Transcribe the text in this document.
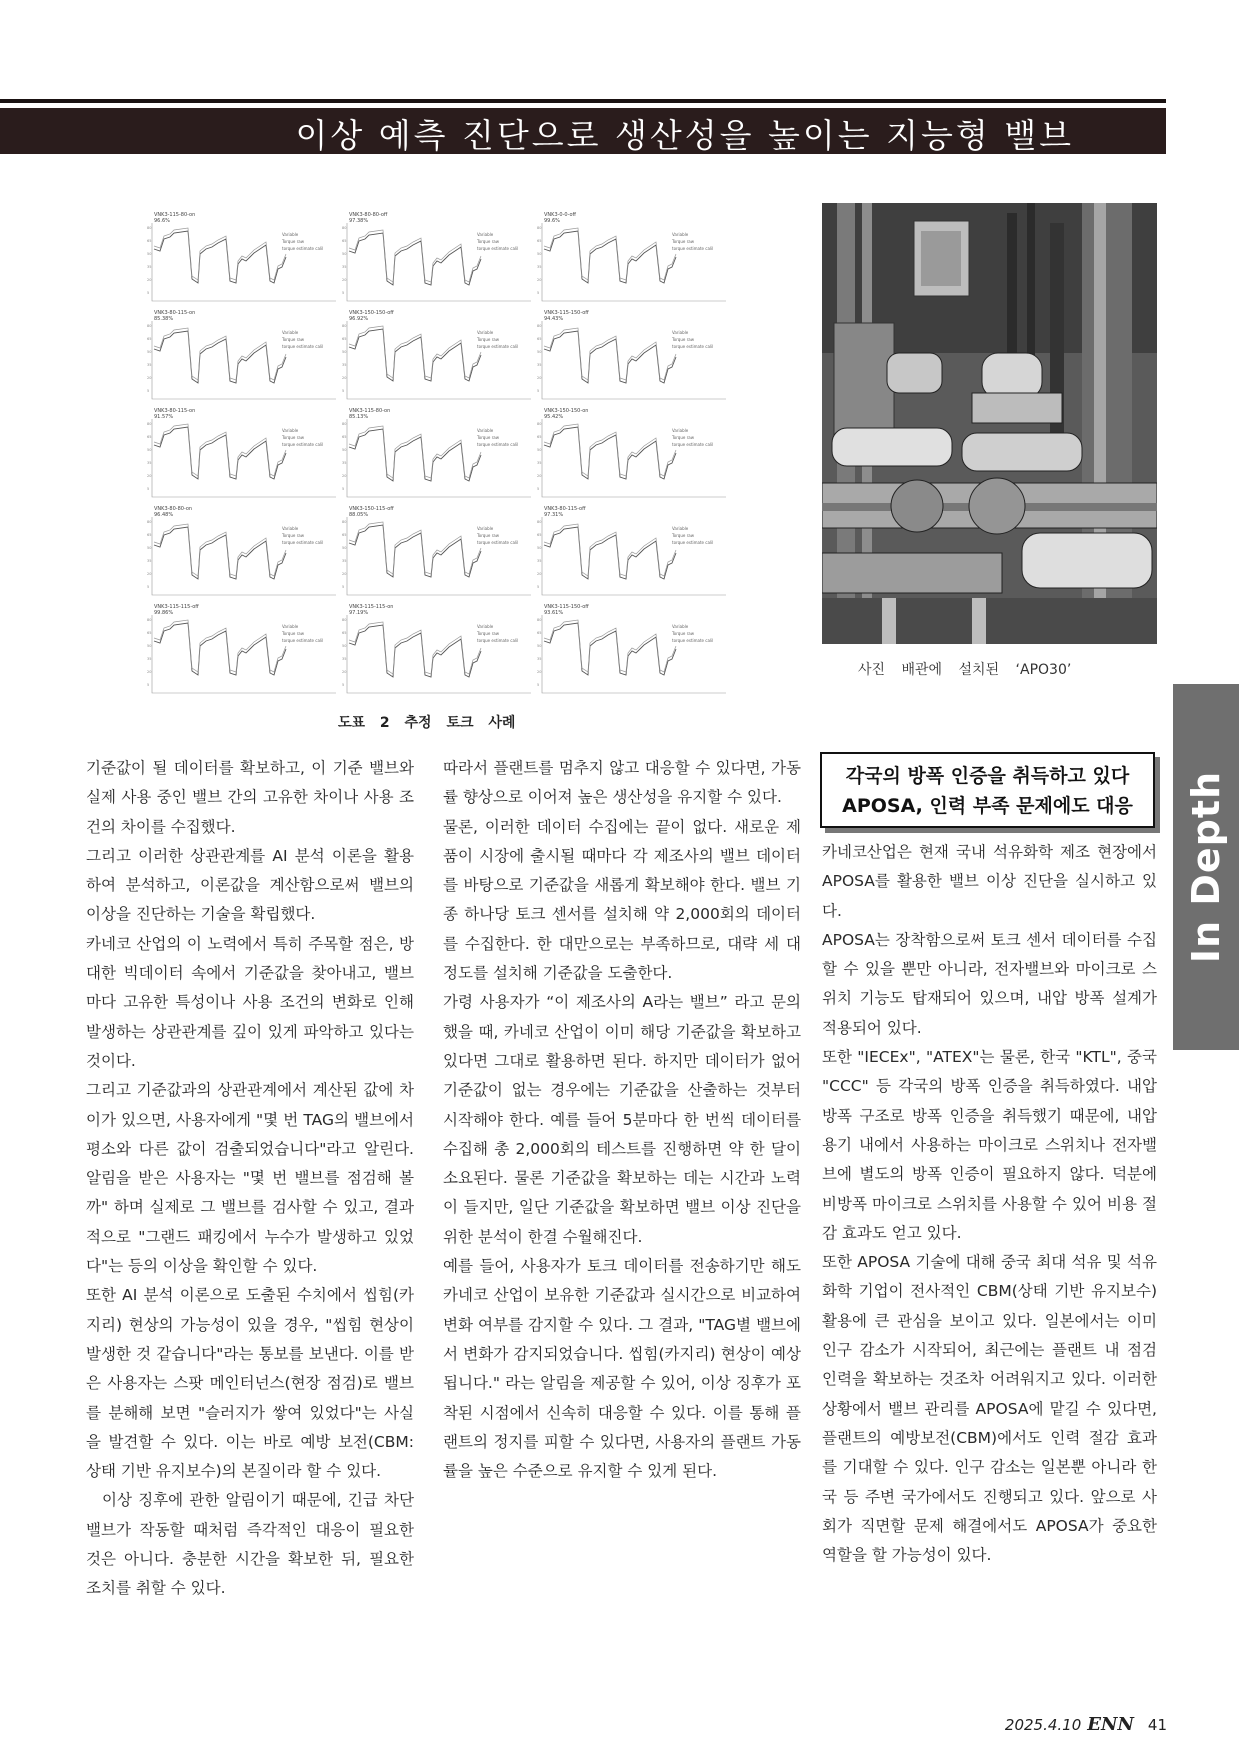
이상 예측 진단으로 생산성을 높이는 지능형 밸브
80
65
50
35
20
5
VNK3-115-80-on
96.6%
Variable
Torque raw
torque estimate calil
80
65
50
35
20
5
VNK3-80-80-off
97.38%
Variable
Torque raw
torque estimate calil
80
65
50
35
20
5
VNK3-0-0-off
99.6%
Variable
Torque raw
torque estimate calil
80
65
50
35
20
5
VNK3-80-115-on
85.38%
Variable
Torque raw
torque estimate calil
80
65
50
35
20
5
VNK3-150-150-off
96.92%
Variable
Torque raw
torque estimate calil
80
65
50
35
20
5
VNK3-115-150-off
94.43%
Variable
Torque raw
torque estimate calil
80
65
50
35
20
5
VNK3-80-115-on
91.57%
Variable
Torque raw
torque estimate calil
80
65
50
35
20
5
VNK3-115-80-on
85.13%
Variable
Torque raw
torque estimate calil
80
65
50
35
20
5
VNK3-150-150-on
95.42%
Variable
Torque raw
torque estimate calil
80
65
50
35
20
5
VNK3-80-80-on
96.48%
Variable
Torque raw
torque estimate calil
80
65
50
35
20
5
VNK3-150-115-off
88.05%
Variable
Torque raw
torque estimate calil
80
65
50
35
20
5
VNK3-80-115-off
97.31%
Variable
Torque raw
torque estimate calil
80
65
50
35
20
5
VNK3-115-115-off
99.86%
Variable
Torque raw
torque estimate calil
80
65
50
35
20
5
VNK3-115-115-on
97.19%
Variable
Torque raw
torque estimate calil
80
65
50
35
20
5
VNK3-115-150-off
93.61%
Variable
Torque raw
torque estimate calil
도표 2 추정 토크 사례
사진 배관에 설치된 ‘APO30’

기준값이 될 데이터를 확보하고, 이 기준 밸브와 실제 사용 중인 밸브 간의 고유한 차이나 사용 조건의 차이를 수집했다.

그리고 이러한 상관관계를 AI 분석 이론을 활용하여 분석하고, 이론값을 계산함으로써 밸브의 이상을 진단하는 기술을 확립했다.

카네코 산업의 이 노력에서 특히 주목할 점은, 방대한 빅데이터 속에서 기준값을 찾아내고, 밸브마다 고유한 특성이나 사용 조건의 변화로 인해 발생하는 상관관계를 깊이 있게 파악하고 있다는 것이다.

그리고 기준값과의 상관관계에서 계산된 값에 차이가 있으면, 사용자에게 "몇 번 TAG의 밸브에서 평소와 다른 값이 검출되었습니다"라고 알린다. 알림을 받은 사용자는 "몇 번 밸브를 점검해 볼까" 하며 실제로 그 밸브를 검사할 수 있고, 결과적으로 "그랜드 패킹에서 누수가 발생하고 있었다"는 등의 이상을 확인할 수 있다.

또한 AI 분석 이론으로 도출된 수치에서 씹힘(카지리) 현상의 가능성이 있을 경우, "씹힘 현상이 발생한 것 같습니다"라는 통보를 보낸다. 이를 받은 사용자는 스팟 메인터넌스(현장 점검)로 밸브를 분해해 보면 "슬러지가 쌓여 있었다"는 사실을 발견할 수 있다. 이는 바로 예방 보전(CBM: 상태 기반 유지보수)의 본질이라 할 수 있다.

이상 징후에 관한 알림이기 때문에, 긴급 차단 밸브가 작동할 때처럼 즉각적인 대응이 필요한 것은 아니다. 충분한 시간을 확보한 뒤, 필요한 조치를 취할 수 있다.

따라서 플랜트를 멈추지 않고 대응할 수 있다면, 가동률 향상으로 이어져 높은 생산성을 유지할 수 있다.

물론, 이러한 데이터 수집에는 끝이 없다. 새로운 제품이 시장에 출시될 때마다 각 제조사의 밸브 데이터를 바탕으로 기준값을 새롭게 확보해야 한다. 밸브 기종 하나당 토크 센서를 설치해 약 2,000회의 데이터를 수집한다. 한 대만으로는 부족하므로, 대략 세 대 정도를 설치해 기준값을 도출한다.

가령 사용자가 “이 제조사의 A라는 밸브” 라고 문의했을 때, 카네코 산업이 이미 해당 기준값을 확보하고 있다면 그대로 활용하면 된다. 하지만 데이터가 없어 기준값이 없는 경우에는 기준값을 산출하는 것부터 시작해야 한다. 예를 들어 5분마다 한 번씩 데이터를 수집해 총 2,000회의 테스트를 진행하면 약 한 달이 소요된다. 물론 기준값을 확보하는 데는 시간과 노력이 들지만, 일단 기준값을 확보하면 밸브 이상 진단을 위한 분석이 한결 수월해진다.

예를 들어, 사용자가 토크 데이터를 전송하기만 해도 카네코 산업이 보유한 기준값과 실시간으로 비교하여 변화 여부를 감지할 수 있다. 그 결과, "TAG별 밸브에서 변화가 감지되었습니다. 씹힘(카지리) 현상이 예상됩니다." 라는 알림을 제공할 수 있어, 이상 징후가 포착된 시점에서 신속히 대응할 수 있다. 이를 통해 플랜트의 정지를 피할 수 있다면, 사용자의 플랜트 가동률을 높은 수준으로 유지할 수 있게 된다.

각국의 방폭 인증을 취득하고 있다
APOSA, 인력 부족 문제에도 대응

카네코산업은 현재 국내 석유화학 제조 현장에서 APOSA를 활용한 밸브 이상 진단을 실시하고 있다.

APOSA는 장착함으로써 토크 센서 데이터를 수집할 수 있을 뿐만 아니라, 전자밸브와 마이크로 스위치 기능도 탑재되어 있으며, 내압 방폭 설계가 적용되어 있다.

또한 "IECEx", "ATEX"는 물론, 한국 "KTL", 중국 "CCC" 등 각국의 방폭 인증을 취득하였다. 내압 방폭 구조로 방폭 인증을 취득했기 때문에, 내압 용기 내에서 사용하는 마이크로 스위치나 전자밸브에 별도의 방폭 인증이 필요하지 않다. 덕분에 비방폭 마이크로 스위치를 사용할 수 있어 비용 절감 효과도 얻고 있다.

또한 APOSA 기술에 대해 중국 최대 석유 및 석유화학 기업이 전사적인 CBM(상태 기반 유지보수) 활용에 큰 관심을 보이고 있다. 일본에서는 이미 인구 감소가 시작되어, 최근에는 플랜트 내 점검 인력을 확보하는 것조차 어려워지고 있다. 이러한 상황에서 밸브 관리를 APOSA에 맡길 수 있다면, 플랜트의 예방보전(CBM)에서도 인력 절감 효과를 기대할 수 있다. 인구 감소는 일본뿐 아니라 한국 등 주변 국가에서도 진행되고 있다. 앞으로 사회가 직면할 문제 해결에서도 APOSA가 중요한 역할을 할 가능성이 있다.

In Depth
2025.4.10 ENN 41
